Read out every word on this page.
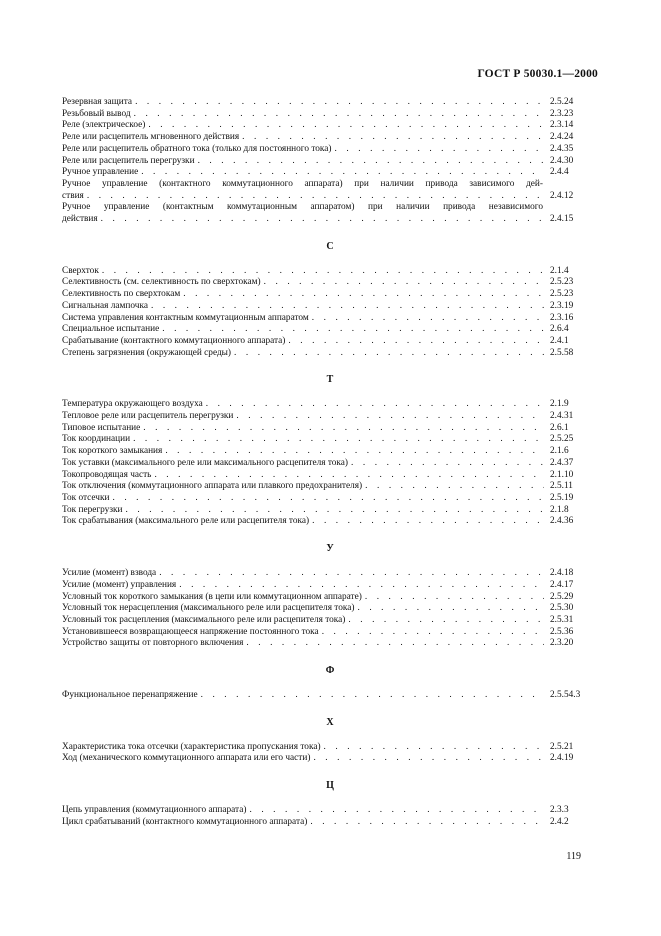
ГОСТ Р 50030.1—2000
Резервная защита . . .	2.5.24
Резьбовый вывод . . .	2.3.23
Реле (электрическое) . . .	2.3.14
Реле или расцепитель мгновенного действия . . .	2.4.24
Реле или расцепитель обратного тока (только для постоянного тока) . . .	2.4.35
Реле или расцепитель перегрузки . . .	2.4.30
Ручное управление . . .	2.4.4
Ручное управление (контактного коммутационного аппарата) при наличии привода зависимого дей-
ствия . . .	2.4.12
Ручное управление (контактным коммутационным аппаратом) при наличии привода независимого
действия . . .	2.4.15
С
Сверхток . . .	2.1.4
Селективность (см. селективность по сверхтокам) . . .	2.5.23
Селективность по сверхтокам . . .	2.5.23
Сигнальная лампочка . . .	2.3.19
Система управления контактным коммутационным аппаратом . . .	2.3.16
Специальное испытание . . .	2.6.4
Срабатывание (контактного коммутационного аппарата) . . .	2.4.1
Степень загрязнения (окружающей среды) . . .	2.5.58
Т
Температура окружающего воздуха . . .	2.1.9
Тепловое реле или расцепитель перегрузки . . .	2.4.31
Типовое испытание . . .	2.6.1
Ток координации . . .	2.5.25
Ток короткого замыкания . . .	2.1.6
Ток уставки (максимального реле или максимального расцепителя тока) . . .	2.4.37
Токопроводящая часть . . .	2.1.10
Ток отключения (коммутационного аппарата или плавкого предохранителя) . . .	2.5.11
Ток отсечки . . .	2.5.19
Ток перегрузки . . .	2.1.8
Ток срабатывания (максимального реле или расцепителя тока) . . .	2.4.36
У
Усилие (момент) взвода . . .	2.4.18
Усилие (момент) управления . . .	2.4.17
Условный ток короткого замыкания (в цепи или коммутационном аппарате) . . .	2.5.29
Условный ток нерасцепления (максимального реле или расцепителя тока) . . .	2.5.30
Условный ток расцепления (максимального реле или расцепителя тока) . . .	2.5.31
Установившееся возвращающееся напряжение постоянного тока . . .	2.5.36
Устройство защиты от повторного включения . . .	2.3.20
Ф
Функциональное перенапряжение . . .	2.5.54.3
Х
Характеристика тока отсечки (характеристика пропускания тока) . . .	2.5.21
Ход (механического коммутационного аппарата или его части) . . .	2.4.19
Ц
Цепь управления (коммутационного аппарата) . . .	2.3.3
Цикл срабатываний (контактного коммутационного аппарата) . . .	2.4.2
119
